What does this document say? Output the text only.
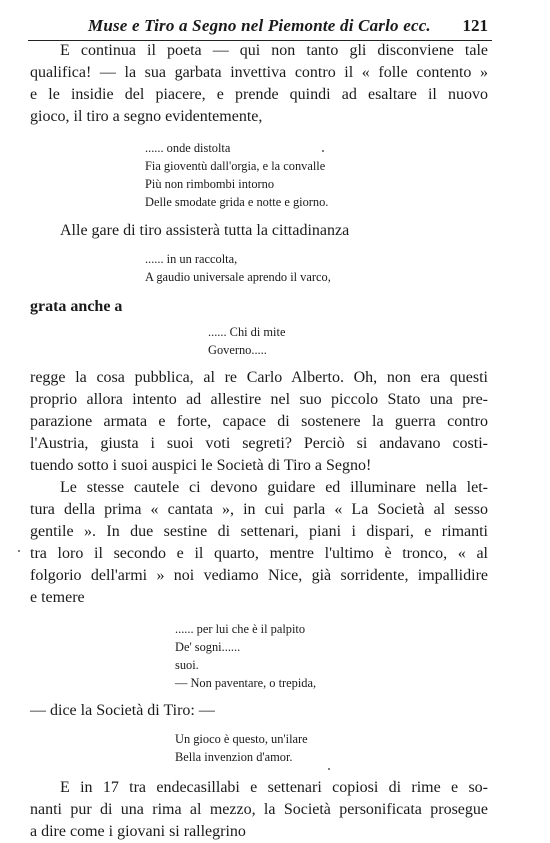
Muse e Tiro a Segno nel Piemonte di Carlo ecc. 121
E continua il poeta — qui non tanto gli disconviene tale
qualifica! — la sua garbata invettiva contro il « folle contento »
e le insidie del piacere, e prende quindi ad esaltare il nuovo
gioco, il tiro a segno evidentemente,
...... onde distolta
Fia gioventù dall'orgia, e la convalle
Più non rimbombi intorno
Delle smodate grida e notte e giorno.
Alle gare di tiro assisterà tutta la cittadinanza
...... in un raccolta,
A gaudio universale aprendo il varco,
grata anche a
...... Chi di mite
Governo.....
regge la cosa pubblica, al re Carlo Alberto. Oh, non era questi
proprio allora intento ad allestire nel suo piccolo Stato una pre-
parazione armata e forte, capace di sostenere la guerra contro
l'Austria, giusta i suoi voti segreti? Perciò si andavano costi-
tuendo sotto i suoi auspici le Società di Tiro a Segno!
Le stesse cautele ci devono guidare ed illuminare nella let-
tura della prima « cantata », in cui parla « La Società al sesso
gentile ». In due sestine di settenari, piani i dispari, e rimanti
tra loro il secondo e il quarto, mentre l'ultimo è tronco, « al
folgorio dell'armi » noi vediamo Nice, già sorridente, impallidire
e temere
...... per lui che è il palpito
De' sogni......
suoi.
— Non paventare, o trepida,
— dice la Società di Tiro: —
Un gioco è questo, un'ilare
Bella invenzion d'amor.
E in 17 tra endecasillabi e settenari copiosi di rime e so-
nanti pur di una rima al mezzo, la Società personificata prosegue
a dire come i giovani si rallegrino
